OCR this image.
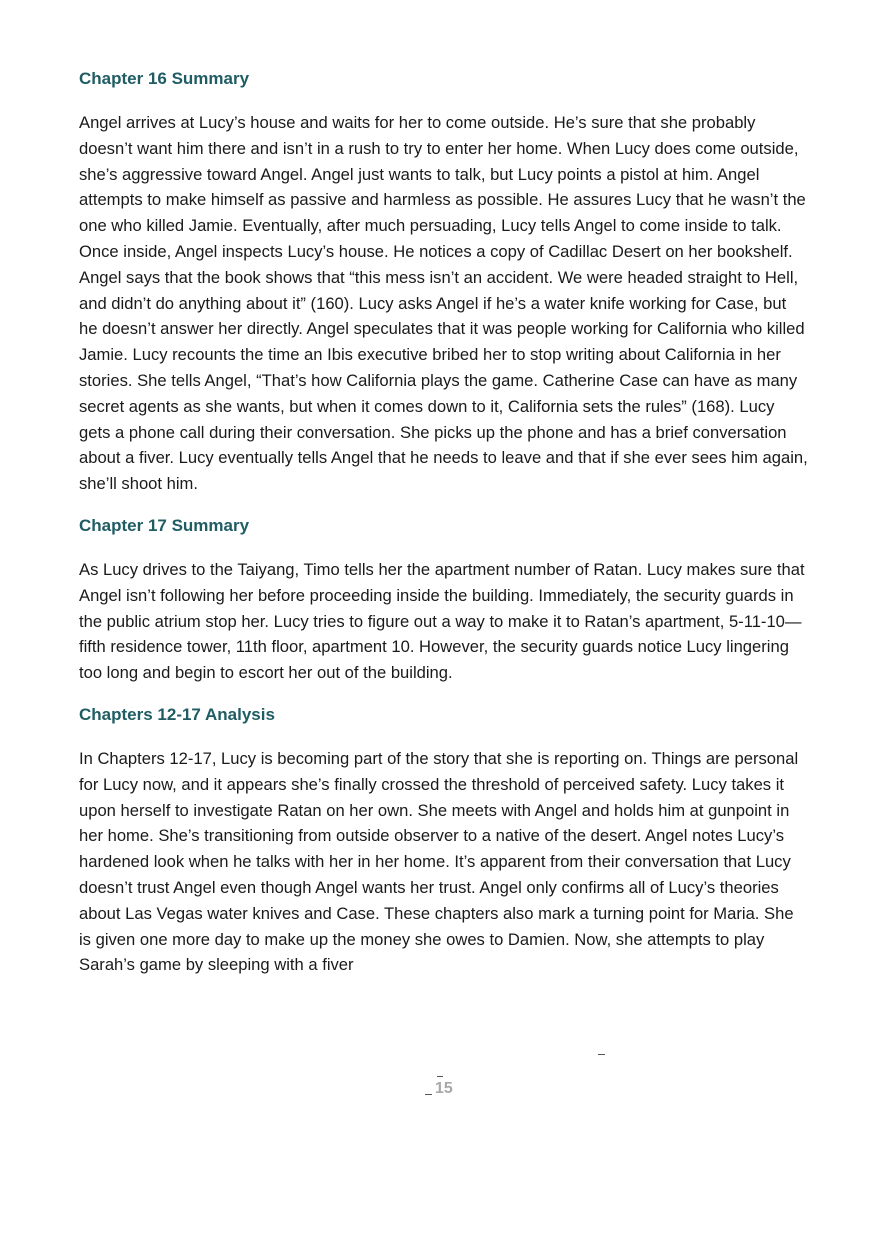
Chapter 16 Summary

Angel arrives at Lucy’s house and waits for her to come outside. He’s sure that she probably doesn’t want him there and isn’t in a rush to try to enter her home. When Lucy does come outside, she’s aggressive toward Angel. Angel just wants to talk, but Lucy points a pistol at him. Angel attempts to make himself as passive and harmless as possible. He assures Lucy that he wasn’t the one who killed Jamie. Eventually, after much persuading, Lucy tells Angel to come inside to talk.

Once inside, Angel inspects Lucy’s house. He notices a copy of Cadillac Desert on her bookshelf. Angel says that the book shows that “this mess isn’t an accident. We were headed straight to Hell, and didn’t do anything about it” (160). Lucy asks Angel if he’s a water knife working for Case, but he doesn’t answer her directly. Angel speculates that it was people working for California who killed Jamie. Lucy recounts the time an Ibis executive bribed her to stop writing about California in her stories. She tells Angel, “That’s how California plays the game. Catherine Case can have as many secret agents as she wants, but when it comes down to it, California sets the rules” (168). Lucy gets a phone call during their conversation. She picks up the phone and has a brief conversation about a fiver. Lucy eventually tells Angel that he needs to leave and that if she ever sees him again, she’ll shoot him.

Chapter 17 Summary

As Lucy drives to the Taiyang, Timo tells her the apartment number of Ratan. Lucy makes sure that Angel isn’t following her before proceeding inside the building. Immediately, the security guards in the public atrium stop her. Lucy tries to figure out a way to make it to Ratan’s apartment, 5-11-10—fifth residence tower, 11th floor, apartment 10. However, the security guards notice Lucy lingering too long and begin to escort her out of the building.

Chapters 12-17 Analysis

In Chapters 12-17, Lucy is becoming part of the story that she is reporting on. Things are personal for Lucy now, and it appears she’s finally crossed the threshold of perceived safety. Lucy takes it upon herself to investigate Ratan on her own. She meets with Angel and holds him at gunpoint in her home. She’s transitioning from outside observer to a native of the desert. Angel notes Lucy’s hardened look when he talks with her in her home. It’s apparent from their conversation that Lucy doesn’t trust Angel even though Angel wants her trust. Angel only confirms all of Lucy’s theories about Las Vegas water knives and Case. These chapters also mark a turning point for Maria. She is given one more day to make up the money she owes to Damien. Now, she attempts to play Sarah’s game by sleeping with a fiver

15
